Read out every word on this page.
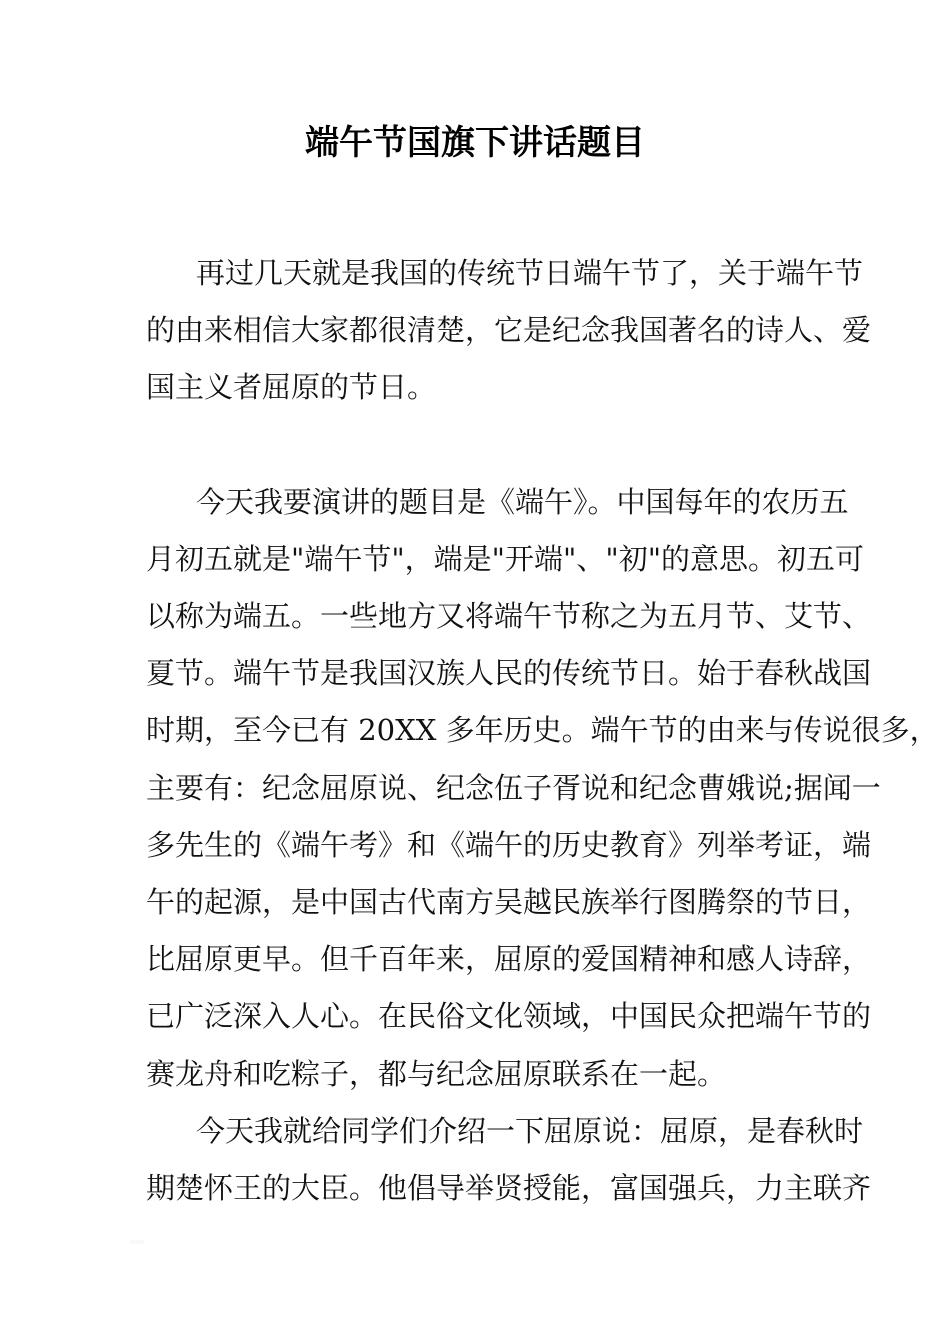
端午节国旗下讲话题目
再过几天就是我国的传统节日端午节了，关于端午节
的由来相信大家都很清楚，它是纪念我国著名的诗人、爱
国主义者屈原的节日。
今天我要演讲的题目是《端午》。中国每年的农历五
月初五就是"端午节"，端是"开端"、"初"的意思。初五可
以称为端五。一些地方又将端午节称之为五月节、艾节、
夏节。端午节是我国汉族人民的传统节日。始于春秋战国
时期，至今已有 20XX 多年历史。端午节的由来与传说很多，
主要有：纪念屈原说、纪念伍子胥说和纪念曹娥说;据闻一
多先生的《端午考》和《端午的历史教育》列举考证，端
午的起源，是中国古代南方吴越民族举行图腾祭的节日，
比屈原更早。但千百年来，屈原的爱国精神和感人诗辞，
已广泛深入人心。在民俗文化领域，中国民众把端午节的
赛龙舟和吃粽子，都与纪念屈原联系在一起。
今天我就给同学们介绍一下屈原说：屈原，是春秋时
期楚怀王的大臣。他倡导举贤授能，富国强兵，力主联齐
